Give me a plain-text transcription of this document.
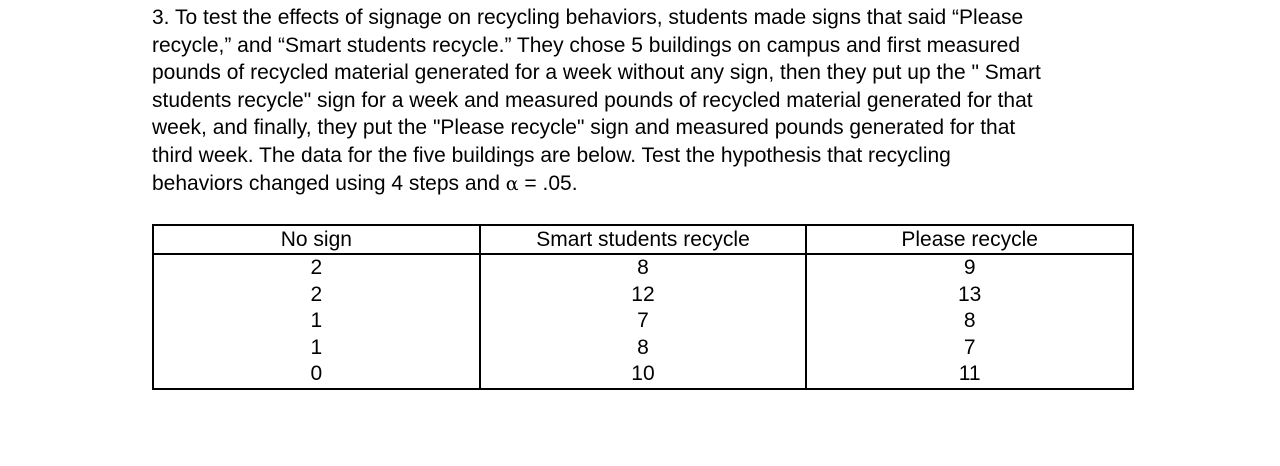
3. To test the effects of signage on recycling behaviors, students made signs that said “Please

recycle,” and “Smart students recycle.” They chose 5 buildings on campus and first measured

pounds of recycled material generated for a week without any sign, then they put up the " Smart

students recycle" sign for a week and measured pounds of recycled material generated for that

week, and finally, they put the "Please recycle" sign and measured pounds generated for that

third week. The data for the five buildings are below. Test the hypothesis that recycling

behaviors changed using 4 steps and α = .05.

No sign	Smart students recycle	Please recycle
2	8	9
2	12	13
1	7	8
1	8	7
0	10	11
